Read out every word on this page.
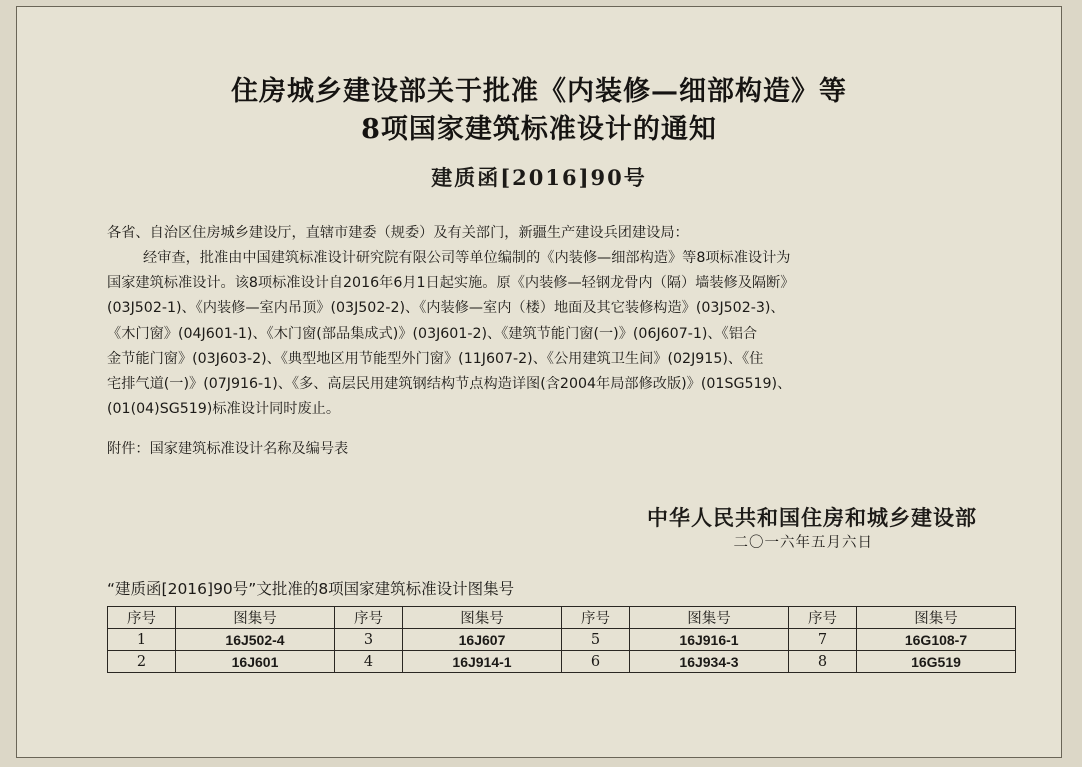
住房城乡建设部关于批准《内装修—细部构造》等
8项国家建筑标准设计的通知
建质函[2016]90号
各省、自治区住房城乡建设厅，直辖市建委（规委）及有关部门，新疆生产建设兵团建设局：
经审查，批准由中国建筑标准设计研究院有限公司等单位编制的《内装修—细部构造》等8项标准设计为
国家建筑标准设计。该8项标准设计自2016年6月1日起实施。原《内装修—轻钢龙骨内（隔）墙装修及隔断》
(03J502-1)、《内装修—室内吊顶》(03J502-2)、《内装修—室内（楼）地面及其它装修构造》(03J502-3)、
《木门窗》(04J601-1)、《木门窗(部品集成式)》(03J601-2)、《建筑节能门窗(一)》(06J607-1)、《铝合
金节能门窗》(03J603-2)、《典型地区用节能型外门窗》(11J607-2)、《公用建筑卫生间》(02J915)、《住
宅排气道(一)》(07J916-1)、《多、高层民用建筑钢结构节点构造详图(含2004年局部修改版)》(01SG519)、
(01(04)SG519)标准设计同时废止。
附件：国家建筑标准设计名称及编号表
中华人民共和国住房和城乡建设部
二〇一六年五月六日
“建质函[2016]90号”文批准的8项国家建筑标准设计图集号
序号	图集号	序号	图集号	序号	图集号	序号	图集号
1	16J502-4	3	16J607	5	16J916-1	7	16G108-7
2	16J601	4	16J914-1	6	16J934-3	8	16G519
